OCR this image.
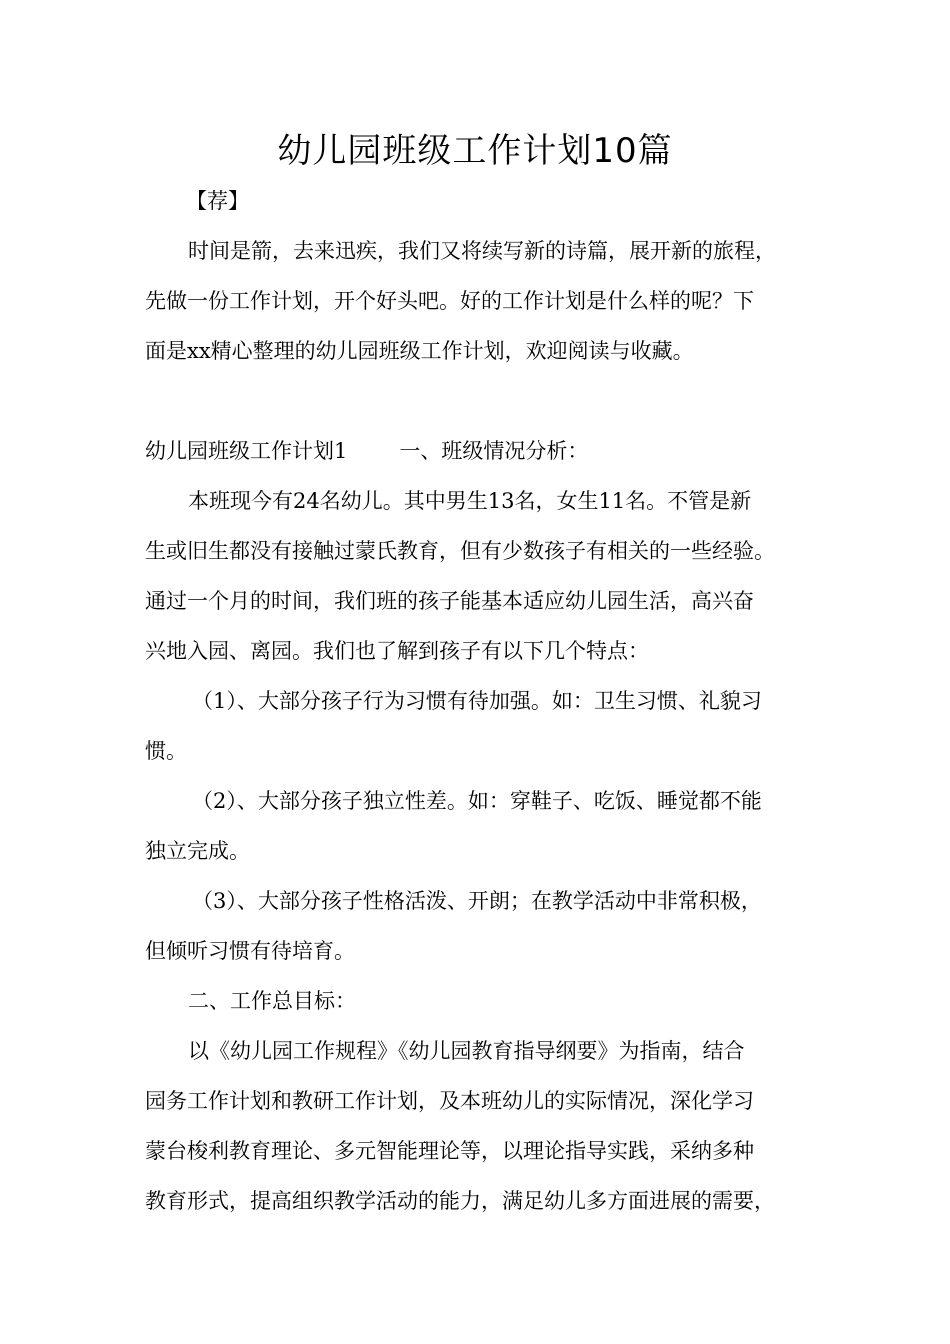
幼儿园班级工作计划10篇
【荐】
时间是箭，去来迅疾，我们又将续写新的诗篇，展开新的旅程，
先做一份工作计划，开个好头吧。好的工作计划是什么样的呢？下
面是xx精心整理的幼儿园班级工作计划，欢迎阅读与收藏。
幼儿园班级工作计划1 一、班级情况分析：
本班现今有24名幼儿。其中男生13名，女生11名。不管是新
生或旧生都没有接触过蒙氏教育，但有少数孩子有相关的一些经验。
通过一个月的时间，我们班的孩子能基本适应幼儿园生活，高兴奋
兴地入园、离园。我们也了解到孩子有以下几个特点：
（1）、大部分孩子行为习惯有待加强。如：卫生习惯、礼貌习
惯。
（2）、大部分孩子独立性差。如：穿鞋子、吃饭、睡觉都不能
独立完成。
（3）、大部分孩子性格活泼、开朗；在教学活动中非常积极，
但倾听习惯有待培育。
二、工作总目标：
以《幼儿园工作规程》《幼儿园教育指导纲要》为指南，结合
园务工作计划和教研工作计划，及本班幼儿的实际情况，深化学习
蒙台梭利教育理论、多元智能理论等，以理论指导实践，采纳多种
教育形式，提高组织教学活动的能力，满足幼儿多方面进展的需要，
